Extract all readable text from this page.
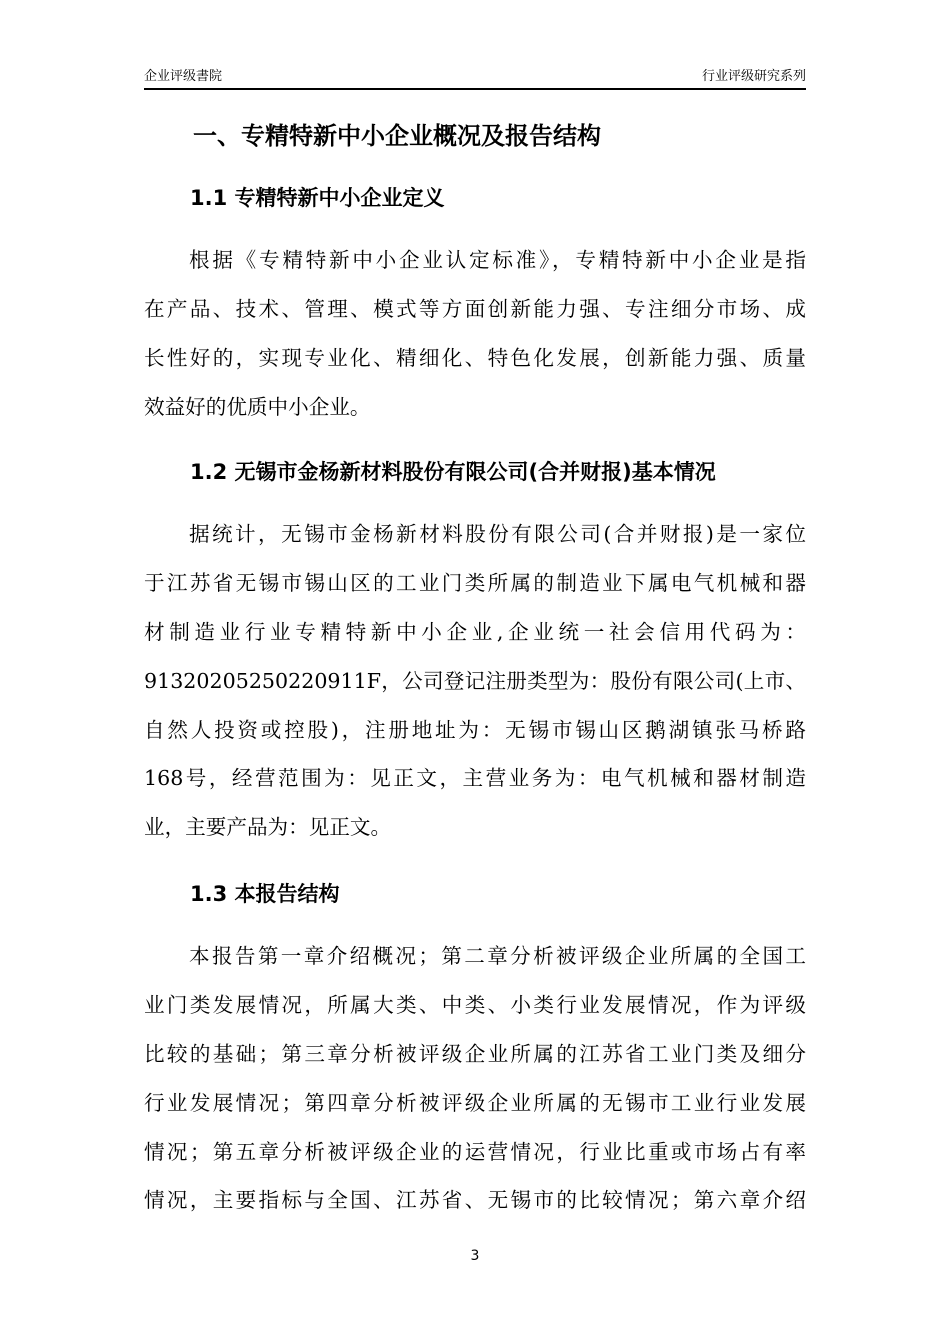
企业评级書院	行业评级研究系列
一、专精特新中小企业概况及报告结构
1.1 专精特新中小企业定义
根据《专精特新中小企业认定标准》，专精特新中小企业是指
在产品、技术、管理、模式等方面创新能力强、专注细分市场、成
长性好的，实现专业化、精细化、特色化发展，创新能力强、质量
效益好的优质中小企业。
1.2 无锡市金杨新材料股份有限公司(合并财报)基本情况
据统计，无锡市金杨新材料股份有限公司(合并财报)是一家位
于江苏省无锡市锡山区的工业门类所属的制造业下属电气机械和器
材制造业行业专精特新中小企业,企业统一社会信用代码为：
91320205250220911F，公司登记注册类型为：股份有限公司(上市、
自然人投资或控股)，注册地址为：无锡市锡山区鹅湖镇张马桥路
168号，经营范围为：见正文，主营业务为：电气机械和器材制造
业，主要产品为：见正文。
1.3 本报告结构
本报告第一章介绍概况；第二章分析被评级企业所属的全国工
业门类发展情况，所属大类、中类、小类行业发展情况，作为评级
比较的基础；第三章分析被评级企业所属的江苏省工业门类及细分
行业发展情况；第四章分析被评级企业所属的无锡市工业行业发展
情况；第五章分析被评级企业的运营情况，行业比重或市场占有率
情况，主要指标与全国、江苏省、无锡市的比较情况；第六章介绍
3
